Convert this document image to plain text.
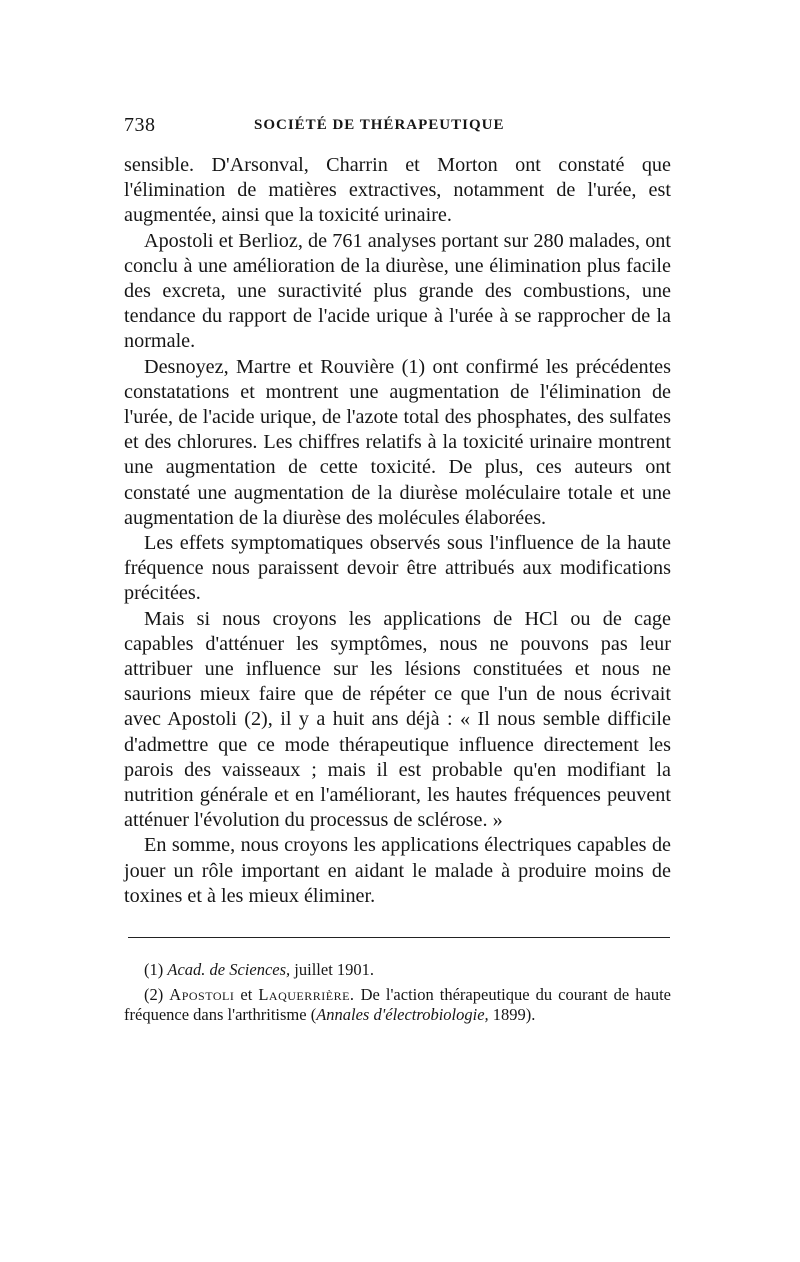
738	SOCIÉTÉ DE THÉRAPEUTIQUE

sensible. D'Arsonval, Charrin et Morton ont constaté que l'élimination de matières extractives, notamment de l'urée, est augmentée, ainsi que la toxicité urinaire.

Apostoli et Berlioz, de 761 analyses portant sur 280 malades, ont conclu à une amélioration de la diurèse, une élimination plus facile des excreta, une suractivité plus grande des combustions, une tendance du rapport de l'acide urique à l'urée à se rapprocher de la normale.

Desnoyez, Martre et Rouvière (1) ont confirmé les précédentes constatations et montrent une augmentation de l'élimination de l'urée, de l'acide urique, de l'azote total des phosphates, des sulfates et des chlorures. Les chiffres relatifs à la toxicité urinaire montrent une augmentation de cette toxicité. De plus, ces auteurs ont constaté une augmentation de la diurèse moléculaire totale et une augmentation de la diurèse des molécules élaborées.

Les effets symptomatiques observés sous l'influence de la haute fréquence nous paraissent devoir être attribués aux modifications précitées.

Mais si nous croyons les applications de HCl ou de cage capables d'atténuer les symptômes, nous ne pouvons pas leur attribuer une influence sur les lésions constituées et nous ne saurions mieux faire que de répéter ce que l'un de nous écrivait avec Apostoli (2), il y a huit ans déjà : « Il nous semble difficile d'admettre que ce mode thérapeutique influence directement les parois des vaisseaux ; mais il est probable qu'en modifiant la nutrition générale et en l'améliorant, les hautes fréquences peuvent atténuer l'évolution du processus de sclérose. »

En somme, nous croyons les applications électriques capables de jouer un rôle important en aidant le malade à produire moins de toxines et à les mieux éliminer.

(1) Acad. de Sciences, juillet 1901.

(2) Apostoli et Laquerrière. De l'action thérapeutique du courant de haute fréquence dans l'arthritisme (Annales d'électrobiologie, 1899).
